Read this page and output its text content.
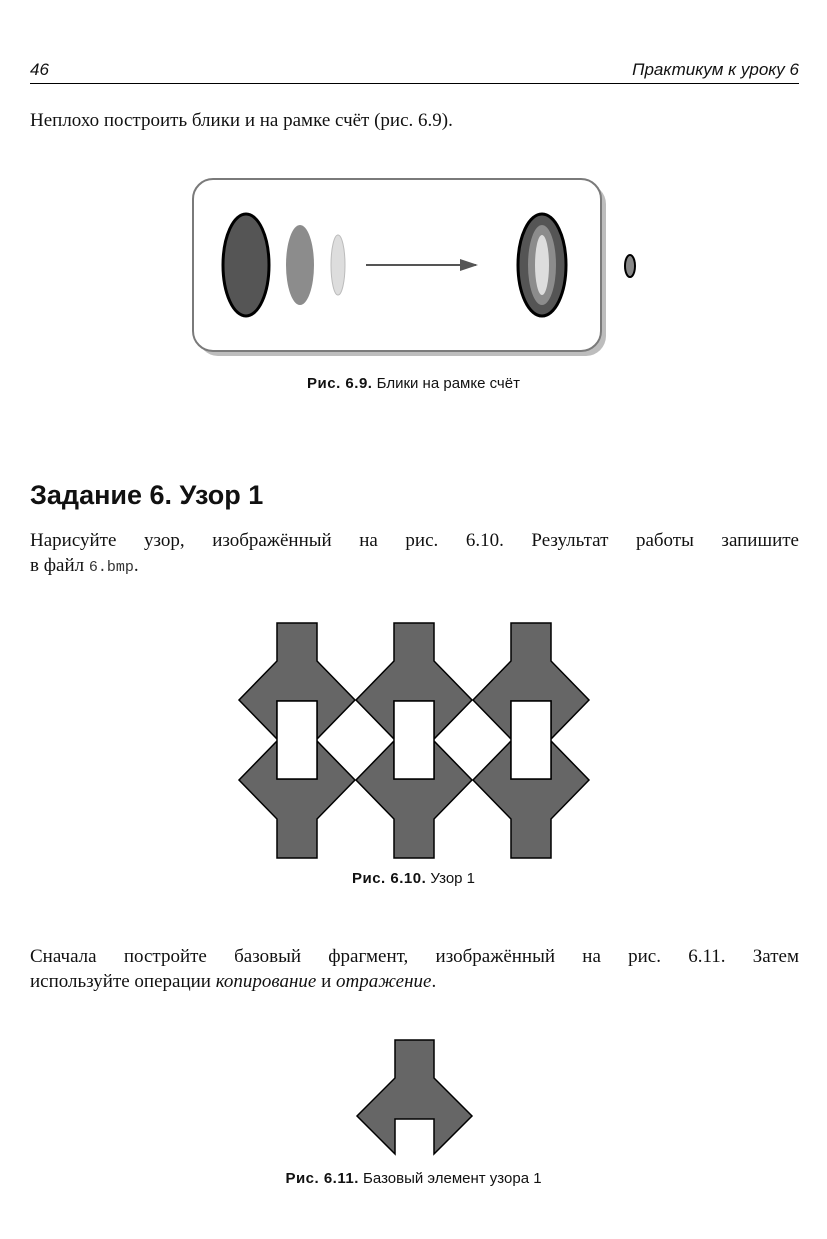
46	Практикум к уроку 6

Неплохо построить блики и на рамке счёт (рис. 6.9).

Рис. 6.9. Блики на рамке счёт
Задание 6. Узор 1

Нарисуйте узор, изображённый на рис. 6.10. Результат работы запишите

в файл 6.bmp.

Рис. 6.10. Узор 1

Сначала постройте базовый фрагмент, изображённый на рис. 6.11. Затем

используйте операции копирование и отражение.

Рис. 6.11. Базовый элемент узора 1
